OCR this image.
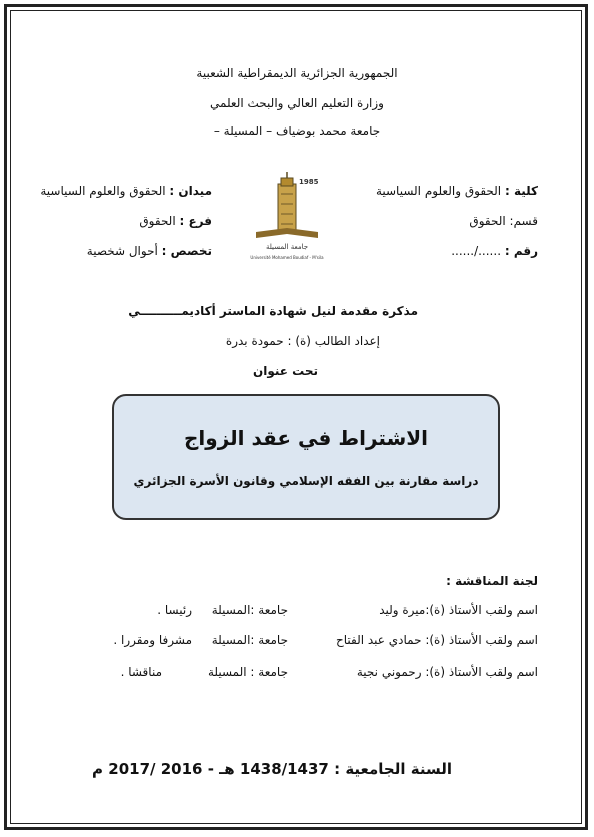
الجمهورية الجزائرية الديمقراطية الشعبية
وزارة التعليم العالي والبحث العلمي
جامعة محمد بوضياف – المسيلة –
كلية : الحقوق والعلوم السياسية
قسم: الحقوق
رقم : ....../......
ميدان : الحقوق والعلوم السياسية
فرع : الحقوق
تخصص : أحوال شخصية
1985
جامعة المسيلة
Université Mohamed Boudiaf - M'sila
مذكرة مقدمة لنيل شهادة الماستر أكاديمــــــــــي
إعداد الطالب (ة) : حمودة بدرة
تحت عنوان
الاشتراط في عقد الزواج
دراسة مقارنة بين الفقه الإسلامي وقانون الأسرة الجزائري
لجنة المناقشة :
اسم ولقب الأستاذ (ة):ميرة وليد
جامعة :المسيلة
رئيسا .
اسم ولقب الأستاذ (ة): حمادي عبد الفتاح
جامعة :المسيلة
مشرفا ومقررا .
اسم ولقب الأستاذ (ة): رحموني نجية
جامعة : المسيلة
مناقشا .
السنة الجامعية : 1438/1437 هـ - 2016 /2017 م
